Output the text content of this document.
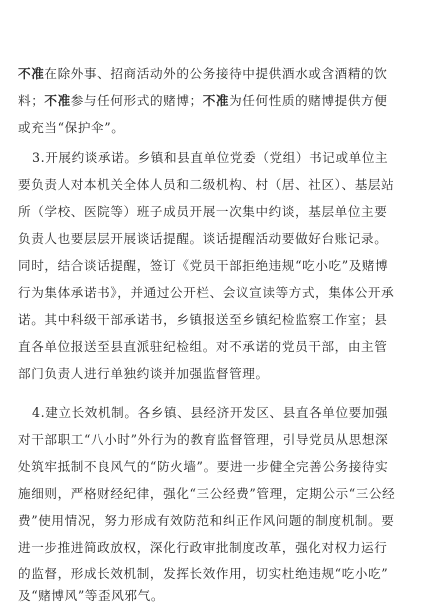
不准在除外事、招商活动外的公务接待中提供酒水或含酒精的饮
料；不准参与任何形式的赌博；不准为任何性质的赌博提供方便
或充当“保护伞”。
3.开展约谈承诺。乡镇和县直单位党委（党组）书记或单位主
要负责人对本机关全体人员和二级机构、村（居、社区）、基层站
所（学校、医院等）班子成员开展一次集中约谈，基层单位主要
负责人也要层层开展谈话提醒。谈话提醒活动要做好台账记录。
同时，结合谈话提醒，签订《党员干部拒绝违规“吃小吃”及赌博
行为集体承诺书》，并通过公开栏、会议宣读等方式，集体公开承
诺。其中科级干部承诺书，乡镇报送至乡镇纪检监察工作室；县
直各单位报送至县直派驻纪检组。对不承诺的党员干部，由主管
部门负责人进行单独约谈并加强监督管理。
4.建立长效机制。各乡镇、县经济开发区、县直各单位要加强
对干部职工“八小时”外行为的教育监督管理，引导党员从思想深
处筑牢抵制不良风气的“防火墙”。要进一步健全完善公务接待实
施细则，严格财经纪律，强化“三公经费”管理，定期公示“三公经
费”使用情况，努力形成有效防范和纠正作风问题的制度机制。要
进一步推进简政放权，深化行政审批制度改革，强化对权力运行
的监督，形成长效机制，发挥长效作用，切实杜绝违规“吃小吃”
及“赌博风”等歪风邪气。
